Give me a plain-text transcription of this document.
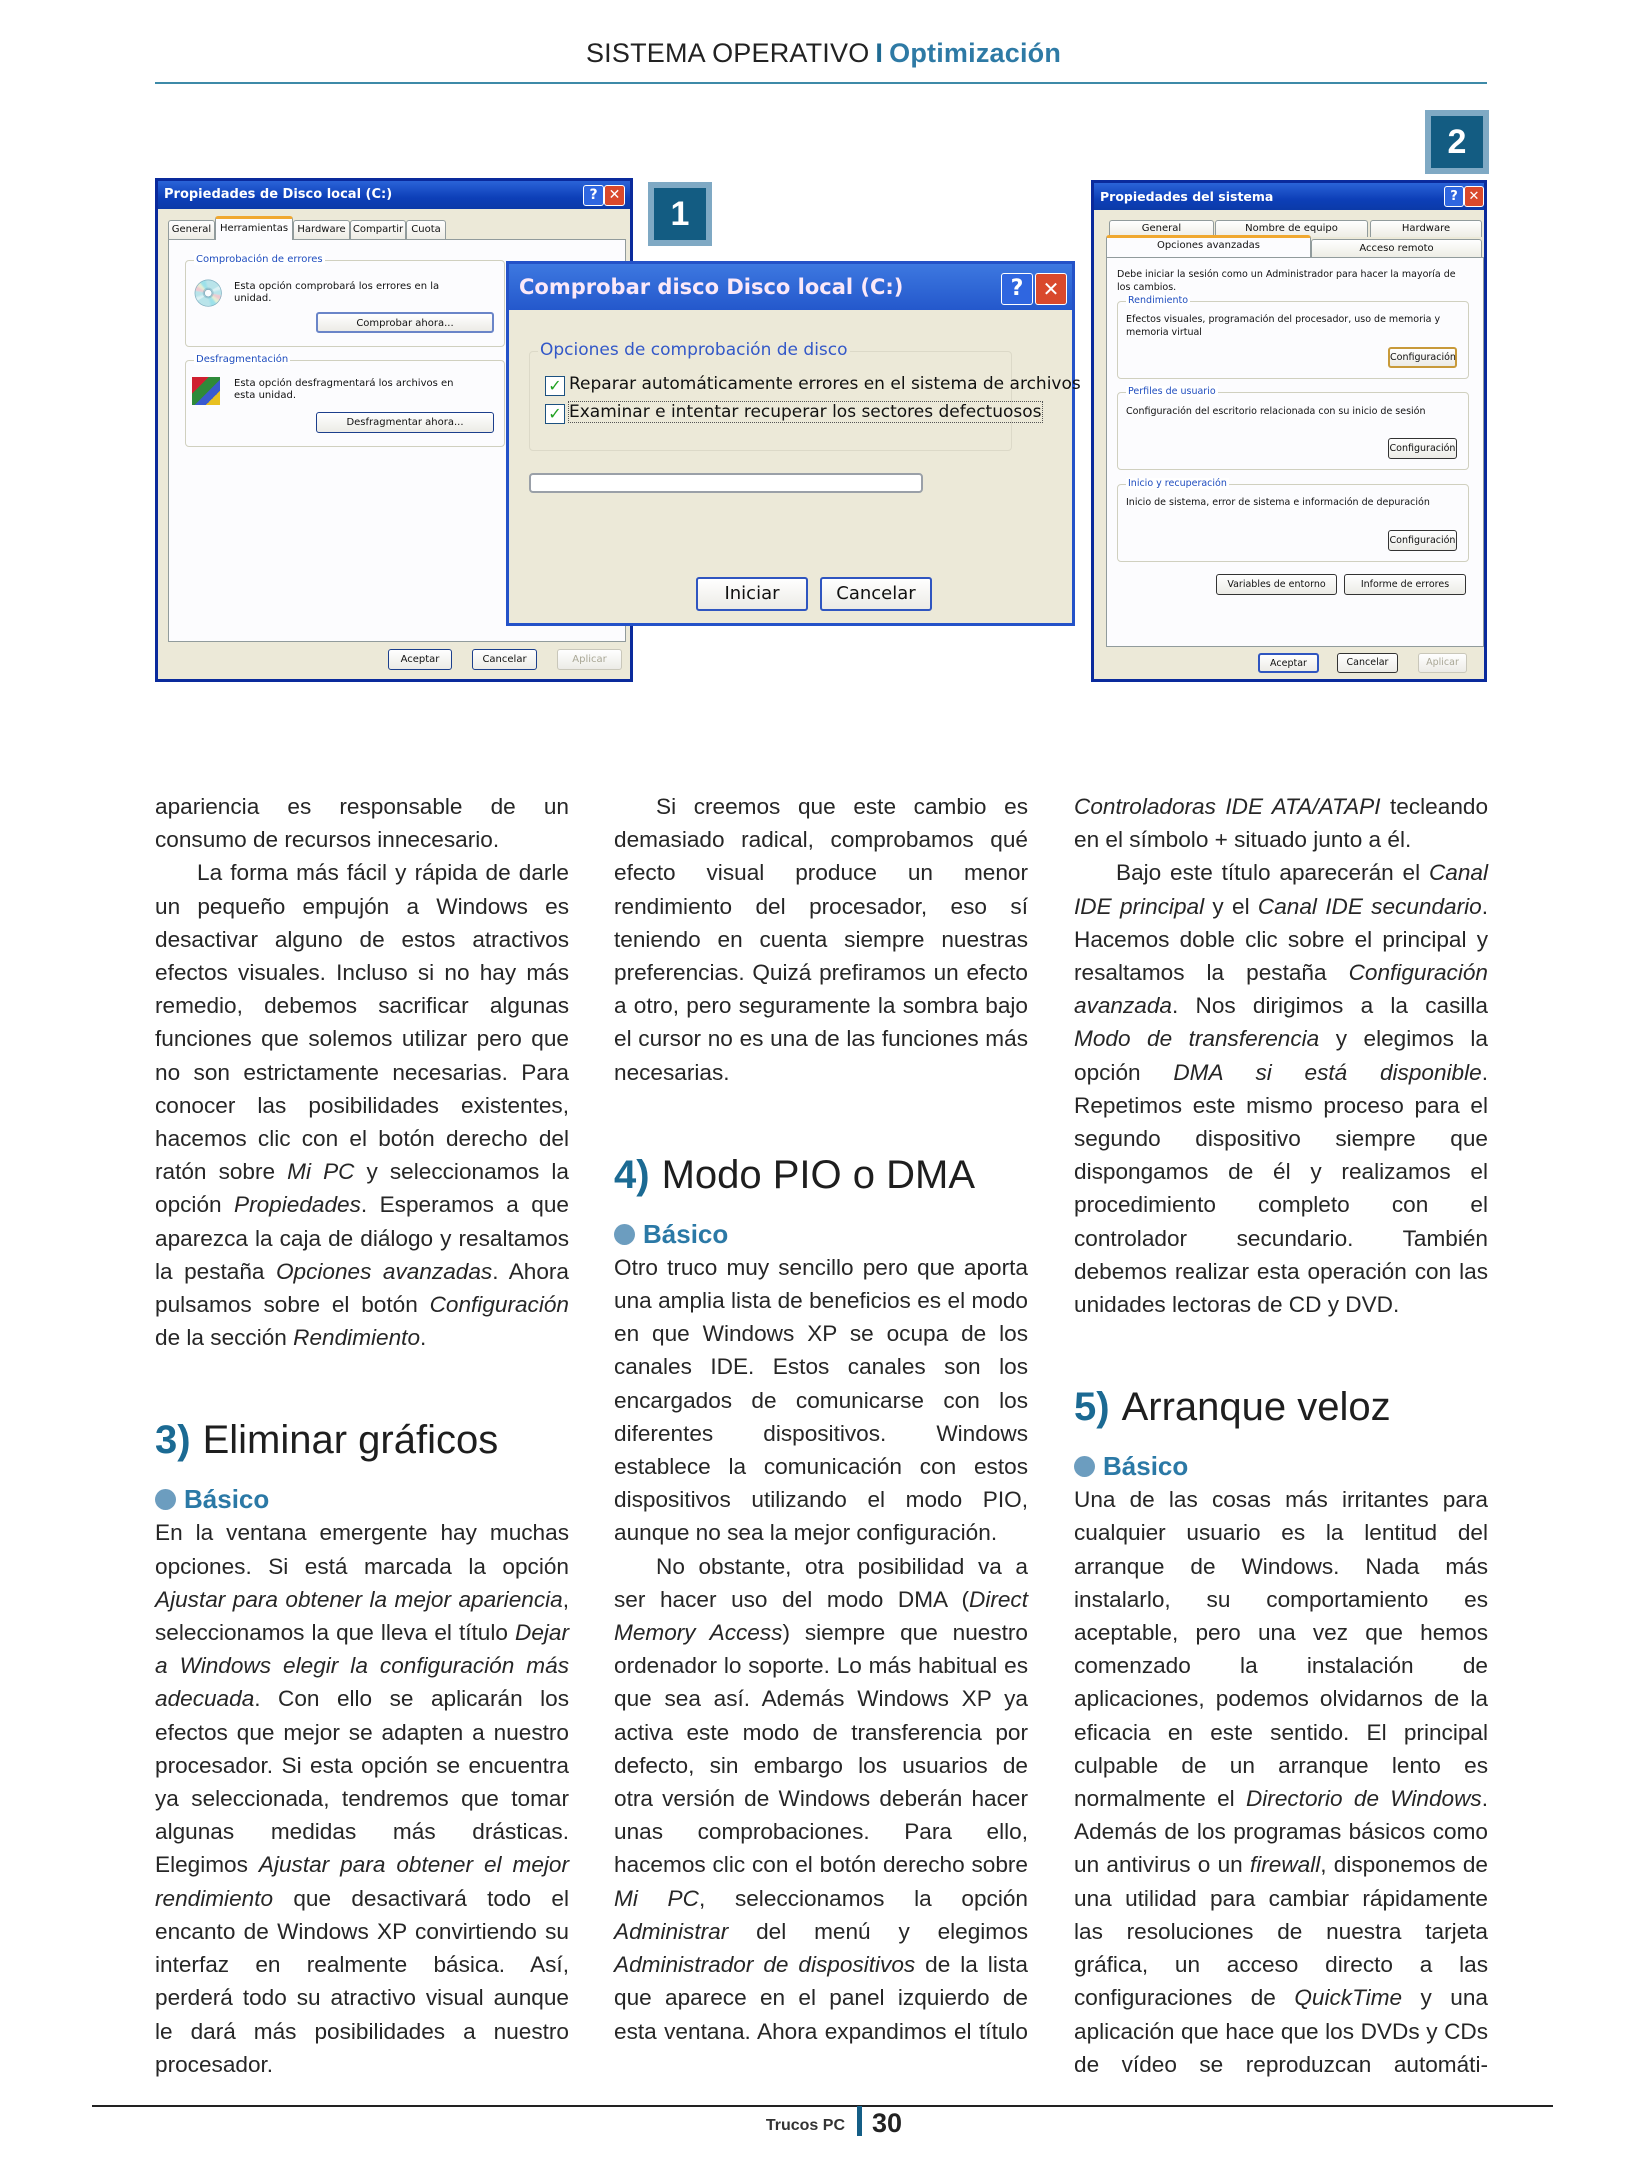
SISTEMA OPERATIVO I Optimización
Propiedades de Disco local (C:)	? ✕
General Herramientas Hardware Compartir Cuota
Comprobación de errores
💿 Esta opción comprobará los errores en la unidad.
Comprobar ahora...
Desfragmentación
Esta opción desfragmentará los archivos en esta unidad.
Desfragmentar ahora...
Aceptar	Cancelar	Aplicar
Comprobar disco Disco local (C:)	? ✕
Opciones de comprobación de disco
✓ Reparar automáticamente errores en el sistema de archivos
✓ Examinar e intentar recuperar los sectores defectuosos
Iniciar	Cancelar
1
2
Propiedades del sistema	? ✕
General	Nombre de equipo	Hardware
Opciones avanzadas	Acceso remoto
Debe iniciar la sesión como un Administrador para hacer la mayoría de los cambios.
Rendimiento
Efectos visuales, programación del procesador, uso de memoria y memoria virtual
Configuración
Perfiles de usuario
Configuración del escritorio relacionada con su inicio de sesión
Configuración
Inicio y recuperación
Inicio de sistema, error de sistema e información de depuración
Configuración
Variables de entorno	Informe de errores
Aceptar	Cancelar	Aplicar

apariencia es responsable de un consumo de recursos innecesario.

La forma más fácil y rápida de darle un pequeño empujón a Windows es desactivar alguno de estos atractivos efectos visuales. Incluso si no hay más remedio, debemos sacrificar algunas funciones que solemos utilizar pero que no son estrictamente necesarias. Para conocer las posibilidades existentes, hacemos clic con el botón derecho del ratón sobre Mi PC y seleccionamos la opción Propiedades. Esperamos a que aparezca la caja de diálogo y resaltamos la pestaña Opciones avanzadas. Ahora pulsamos sobre el botón Configuración de la sección Rendimiento.

3) Eliminar gráficos
Básico

En la ventana emergente hay muchas opciones. Si está marcada la opción Ajustar para obtener la mejor apariencia, seleccionamos la que lleva el título Dejar a Windows elegir la configuración más adecuada. Con ello se aplicarán los efectos que mejor se adapten a nuestro procesador. Si esta opción se encuentra ya seleccionada, tendremos que tomar algunas medidas más drásticas. Elegimos Ajustar para obtener el mejor rendimiento que desactivará todo el encanto de Windows XP convirtiendo su interfaz en realmente básica. Así, perderá todo su atractivo visual aunque le dará más posibilidades a nuestro procesador.

Si creemos que este cambio es demasiado radical, comprobamos qué efecto visual produce un menor rendimiento del procesador, eso sí teniendo en cuenta siempre nuestras preferencias. Quizá prefiramos un efecto a otro, pero seguramente la sombra bajo el cursor no es una de las funciones más necesarias.

4) Modo PIO o DMA
Básico

Otro truco muy sencillo pero que aporta una amplia lista de beneficios es el modo en que Windows XP se ocupa de los canales IDE. Estos canales son los encargados de comunicarse con los diferentes dispositivos. Windows establece la comunicación con estos dispositivos utilizando el modo PIO, aunque no sea la mejor configuración.

No obstante, otra posibilidad va a ser hacer uso del modo DMA (Direct Memory Access) siempre que nuestro ordenador lo soporte. Lo más habitual es que sea así. Además Windows XP ya activa este modo de transferencia por defecto, sin embargo los usuarios de otra versión de Windows deberán hacer unas comprobaciones. Para ello, hacemos clic con el botón derecho sobre Mi PC, seleccionamos la opción Administrar del menú y elegimos Administrador de dispositivos de la lista que aparece en el panel izquierdo de esta ventana. Ahora expandimos el título

Controladoras IDE ATA/ATAPI tecleando en el símbolo + situado junto a él.

Bajo este título aparecerán el Canal IDE principal y el Canal IDE secundario. Hacemos doble clic sobre el principal y resaltamos la pestaña Configuración avanzada. Nos dirigimos a la casilla Modo de transferencia y elegimos la opción DMA si está disponible. Repetimos este mismo proceso para el segundo dispositivo siempre que dispongamos de él y realizamos el procedimiento completo con el controlador secundario. También debemos realizar esta operación con las unidades lectoras de CD y DVD.

5) Arranque veloz
Básico

Una de las cosas más irritantes para cualquier usuario es la lentitud del arranque de Windows. Nada más instalarlo, su comportamiento es aceptable, pero una vez que hemos comenzado la instalación de aplicaciones, podemos olvidarnos de la eficacia en este sentido. El principal culpable de un arranque lento es normalmente el Directorio de Windows. Además de los programas básicos como un antivirus o un firewall, disponemos de una utilidad para cambiar rápidamente las resoluciones de nuestra tarjeta gráfica, un acceso directo a las configuraciones de QuickTime y una aplicación que hace que los DVDs y CDs de vídeo se reproduzcan automáti-

Trucos PC 30
